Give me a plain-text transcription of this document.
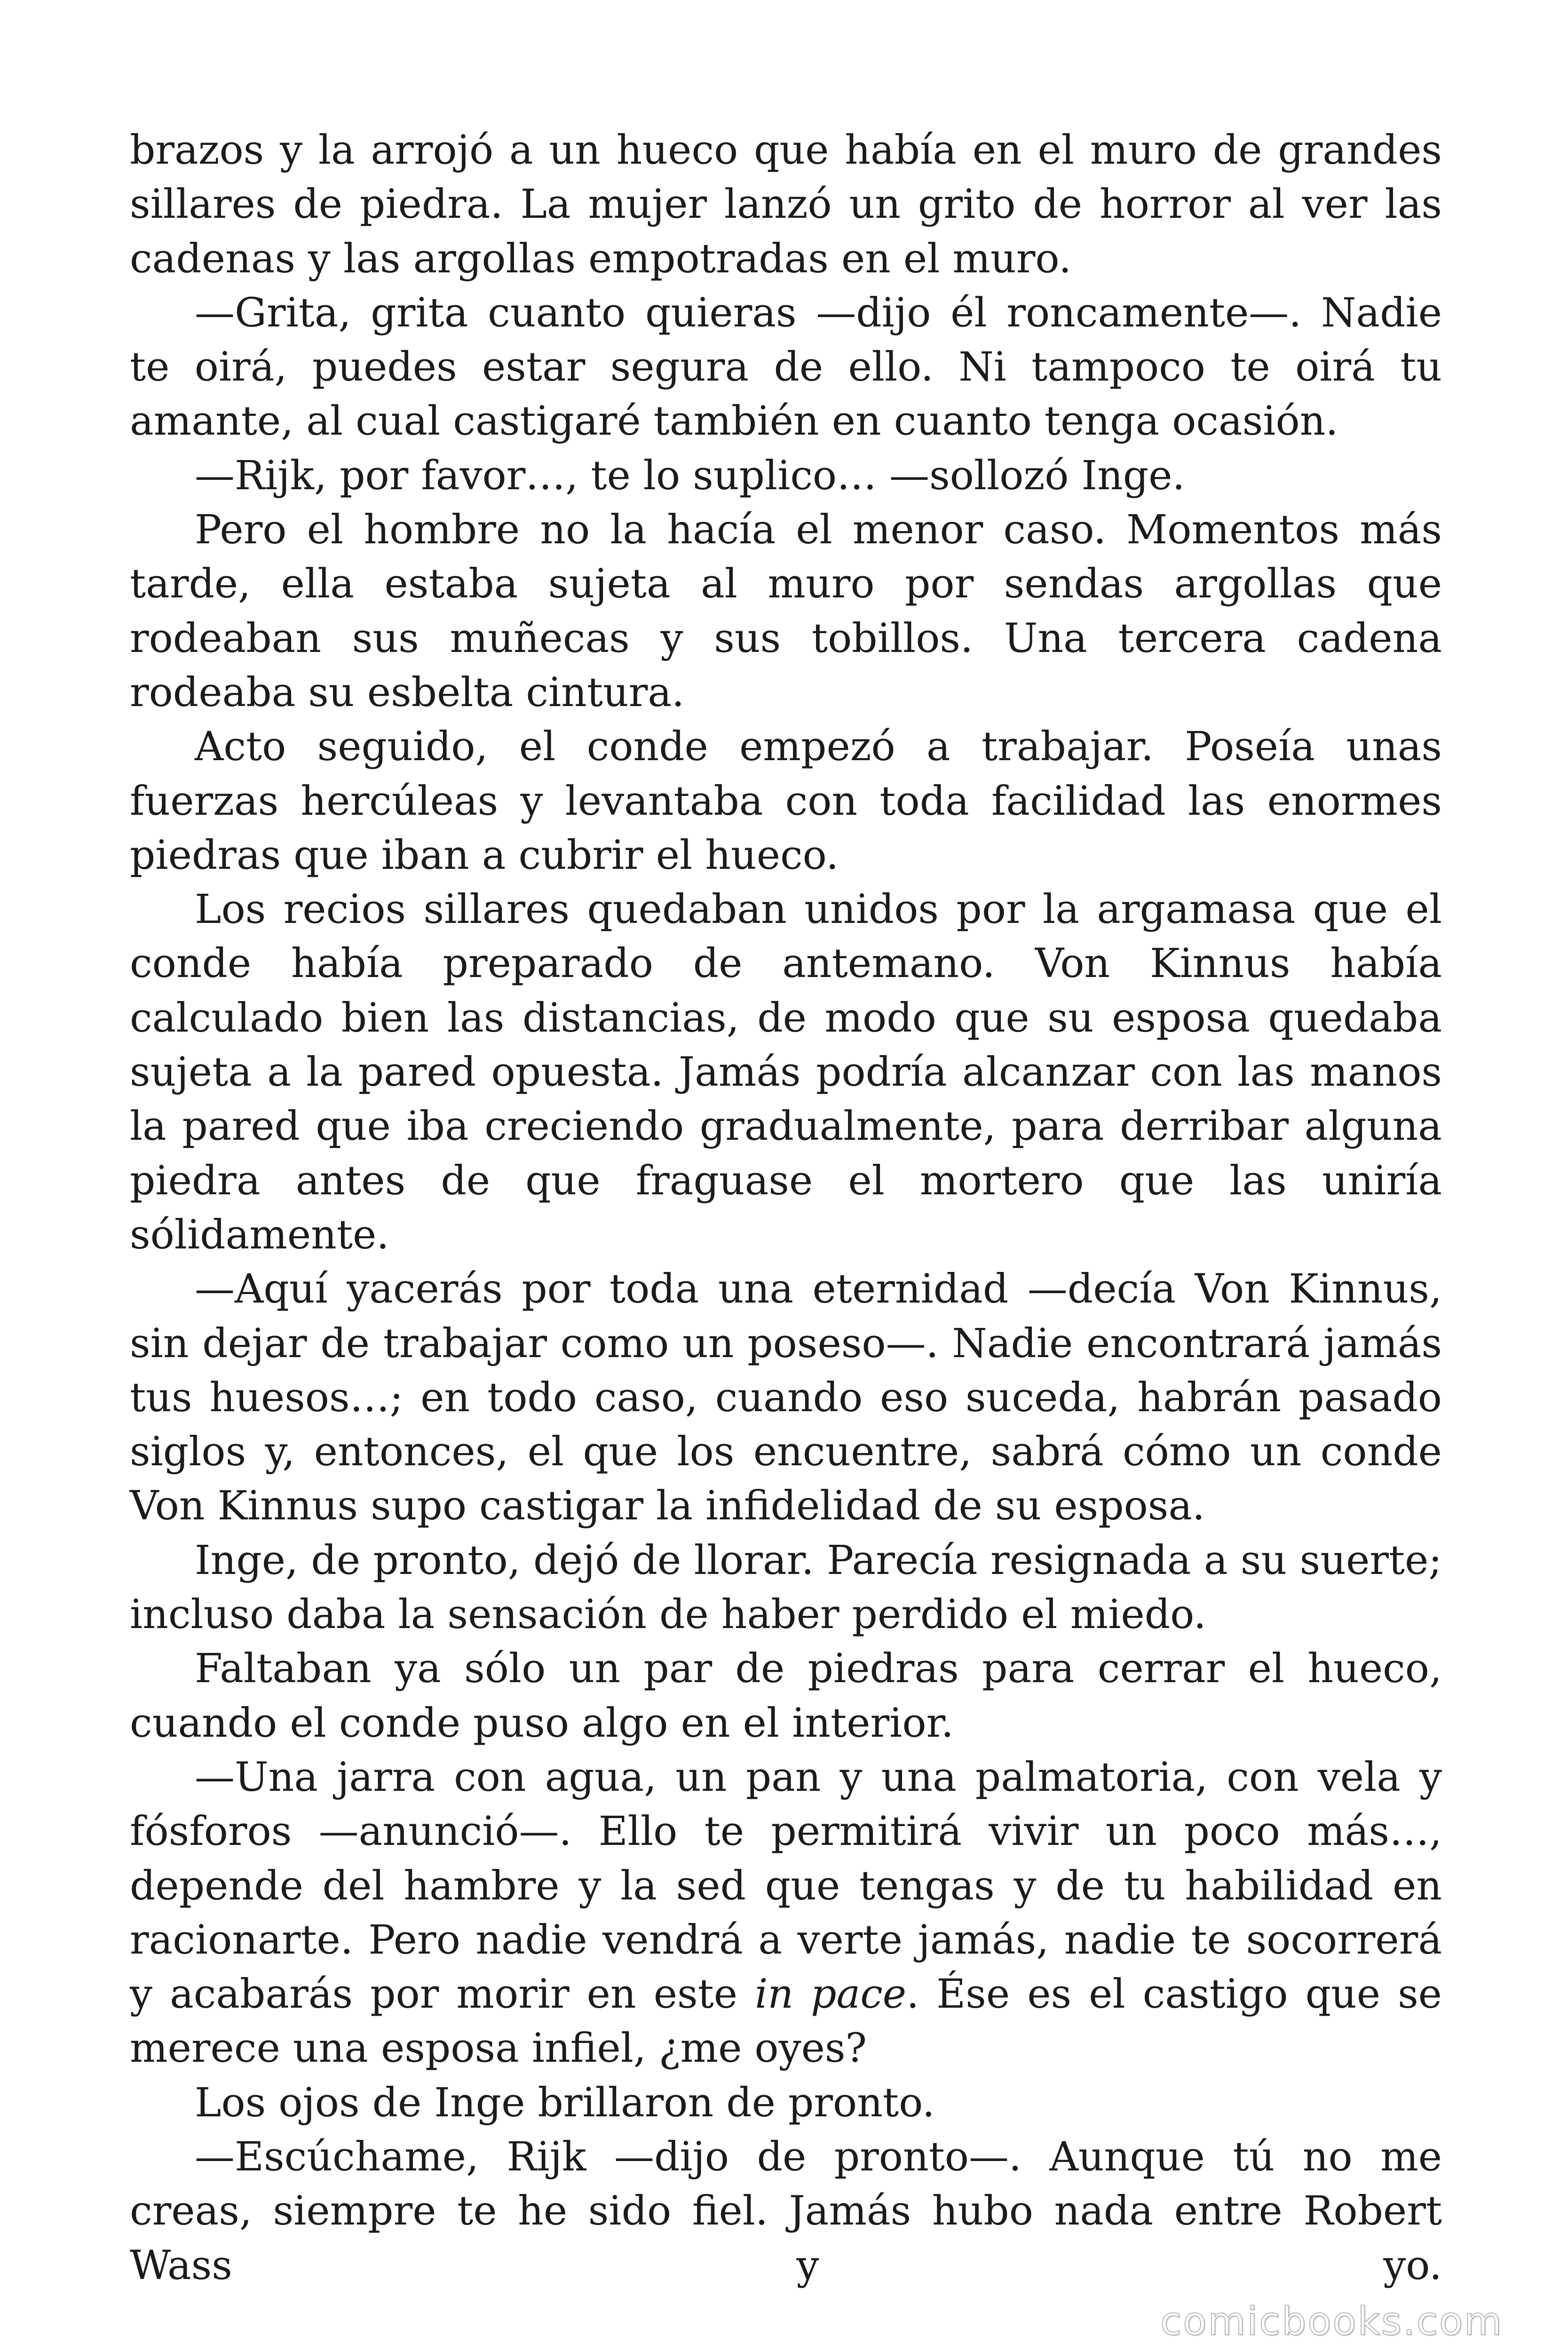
brazos y la arrojó a un hueco que había en el muro de grandes sillares de piedra. La mujer lanzó un grito de horror al ver las cadenas y las argollas empotradas en el muro.

—Grita, grita cuanto quieras —dijo él roncamente—. Nadie te oirá, puedes estar segura de ello. Ni tampoco te oirá tu amante, al cual castigaré también en cuanto tenga ocasión.

—Rijk, por favor…, te lo suplico… —sollozó Inge.

Pero el hombre no la hacía el menor caso. Momentos más tarde, ella estaba sujeta al muro por sendas argollas que rodeaban sus muñecas y sus tobillos. Una tercera cadena rodeaba su esbelta cintura.

Acto seguido, el conde empezó a trabajar. Poseía unas fuerzas hercúleas y levantaba con toda facilidad las enormes piedras que iban a cubrir el hueco.

Los recios sillares quedaban unidos por la argamasa que el conde había preparado de antemano. Von Kinnus había calculado bien las distancias, de modo que su esposa quedaba sujeta a la pared opuesta. Jamás podría alcanzar con las manos la pared que iba creciendo gradualmente, para derribar alguna piedra antes de que fraguase el mortero que las uniría sólidamente.

—Aquí yacerás por toda una eternidad —decía Von Kinnus, sin dejar de trabajar como un poseso—. Nadie encontrará jamás tus huesos…; en todo caso, cuando eso suceda, habrán pasado siglos y, entonces, el que los encuentre, sabrá cómo un conde Von Kinnus supo castigar la infidelidad de su esposa.

Inge, de pronto, dejó de llorar. Parecía resignada a su suerte; incluso daba la sensación de haber perdido el miedo.

Faltaban ya sólo un par de piedras para cerrar el hueco, cuando el conde puso algo en el interior.

—Una jarra con agua, un pan y una palmatoria, con vela y fósforos —anunció—. Ello te permitirá vivir un poco más…, depende del hambre y la sed que tengas y de tu habilidad en racionarte. Pero nadie vendrá a verte jamás, nadie te socorrerá y acabarás por morir en este in pace. Ése es el castigo que se merece una esposa infiel, ¿me oyes?

Los ojos de Inge brillaron de pronto.

—Escúchame, Rijk —dijo de pronto—. Aunque tú no me creas, siempre te he sido fiel. Jamás hubo nada entre Robert Wass y yo.

comicbooks.com
